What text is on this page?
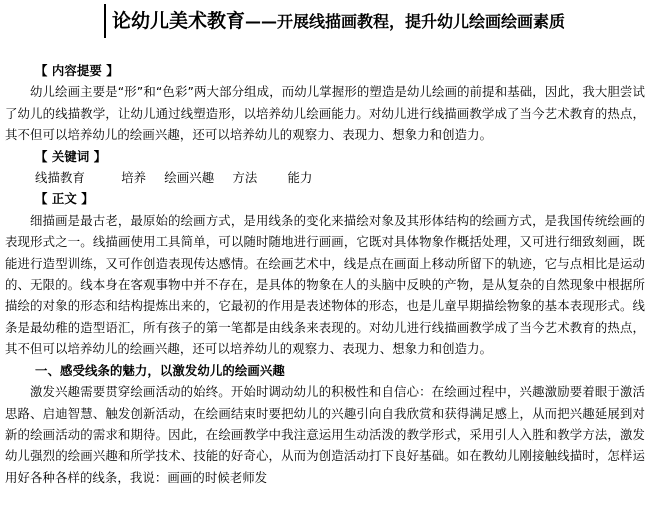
论幼儿美术教育——开展线描画教程，提升幼儿绘画绘画素质

【 内容提要 】

幼儿绘画主要是“形”和“色彩”两大部分组成，而幼儿掌握形的塑造是幼儿绘画的前提和基础，因此，我大胆尝试了幼儿的线描教学，让幼儿通过线塑造形，以培养幼儿绘画能力。对幼儿进行线描画教学成了当今艺术教育的热点，其不但可以培养幼儿的绘画兴趣，还可以培养幼儿的观察力、表现力、想象力和创造力。

【 关键词 】

线描教育      培养   绘画兴趣   方法     能力

【 正文 】

细描画是最古老，最原始的绘画方式，是用线条的变化来描绘对象及其形体结构的绘画方式，是我国传统绘画的表现形式之一。线描画使用工具简单，可以随时随地进行画画，它既对具体物象作概括处理，又可进行细致刻画，既能进行造型训练，又可作创造表现传达感情。在绘画艺术中，线是点在画面上移动所留下的轨迹，它与点相比是运动的、无限的。线本身在客观事物中并不存在，是具体的物象在人的头脑中反映的产物，是从复杂的自然现象中根据所描绘的对象的形态和结构提炼出来的，它最初的作用是表述物体的形态，也是儿童早期描绘物象的基本表现形式。线条是最幼稚的造型语汇，所有孩子的第一笔都是由线条来表现的。对幼儿进行线描画教学成了当今艺术教育的热点，其不但可以培养幼儿的绘画兴趣，还可以培养幼儿的观察力、表现力、想象力和创造力。

一、感受线条的魅力，以激发幼儿的绘画兴趣

激发兴趣需要贯穿绘画活动的始终。开始时调动幼儿的积极性和自信心：在绘画过程中，兴趣激励要着眼于激活思路、启迪智慧、触发创新活动，在绘画结束时要把幼儿的兴趣引向自我欣赏和获得满足感上，从而把兴趣延展到对新的绘画活动的需求和期待。因此，在绘画教学中我注意运用生动活泼的教学形式，采用引人入胜和教学方法，激发幼儿强烈的绘画兴趣和所学技术、技能的好奇心，从而为创造活动打下良好基础。如在教幼儿刚接触线描时，怎样运用好各种各样的线条，我说：画画的时候老师发
